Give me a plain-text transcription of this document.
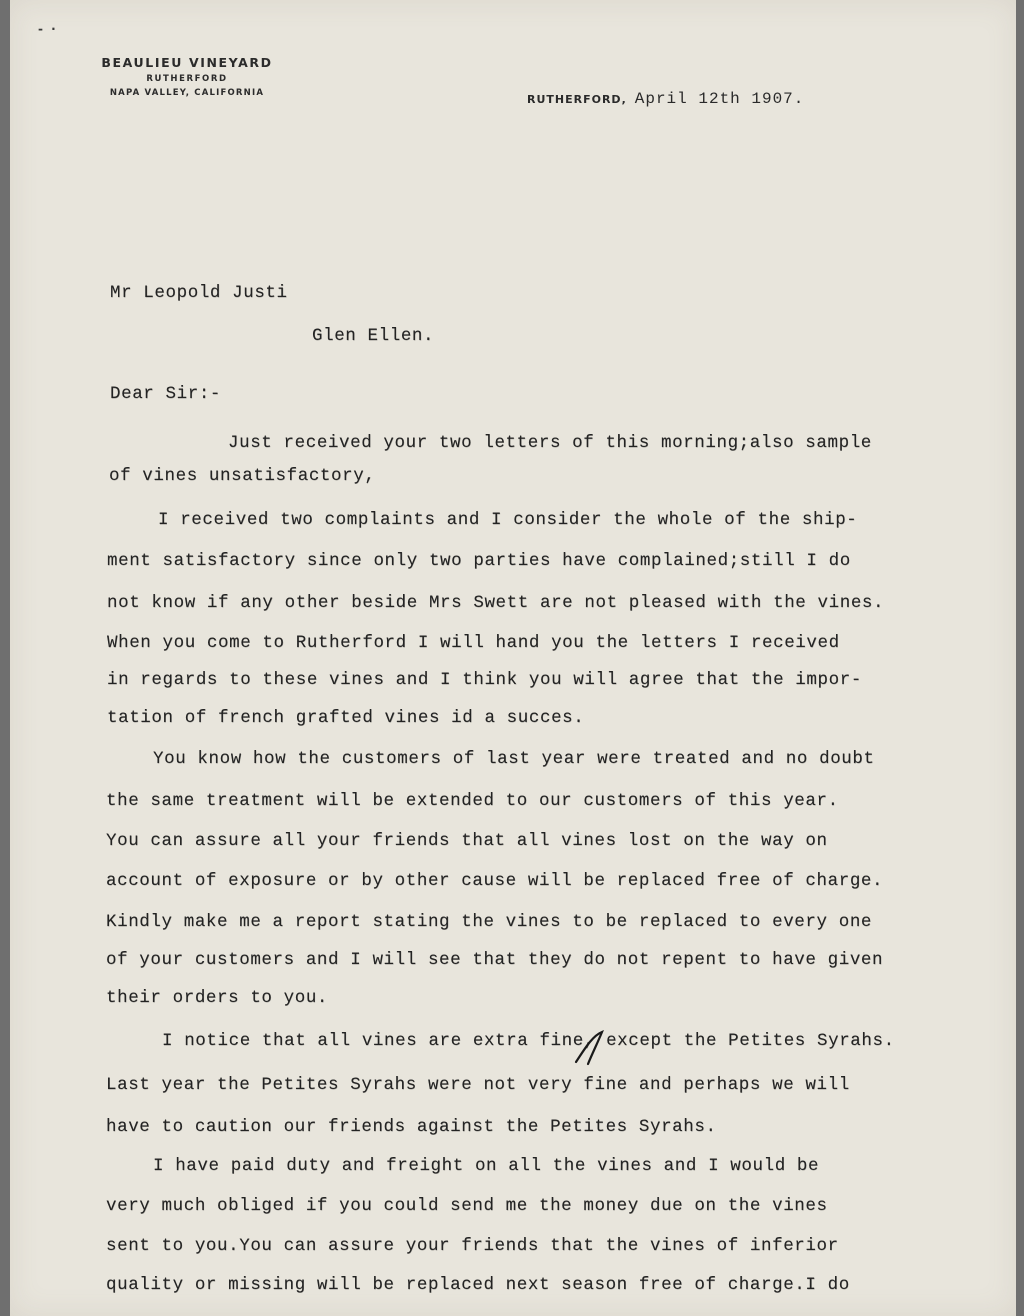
- ·
BEAULIEU VINEYARD
RUTHERFORD
NAPA VALLEY, CALIFORNIA	RUTHERFORD, April 12th 1907.
Mr Leopold Justi
Glen Ellen.
Dear Sir:-
Just received your two letters of this morning;also sample
of vines unsatisfactory,
I received two complaints and I consider the whole of the ship-
ment satisfactory since only two parties have complained;still I do
not know if any other beside Mrs Swett are not pleased with the vines.
When you come to Rutherford I will hand you the letters I received
in regards to these vines and I think you will agree that the impor-
tation of french grafted vines id a succes.
You know how the customers of last year were treated and no doubt
the same treatment will be extended to our customers of this year.
You can assure all your friends that all vines lost on the way on
account of exposure or by other cause will be replaced free of charge.
Kindly make me a report stating the vines to be replaced to every one
of your customers and I will see that they do not repent to have given
their orders to you.
I notice that all vines are extra fine, except the Petites Syrahs.
Last year the Petites Syrahs were not very fine and perhaps we will
have to caution our friends against the Petites Syrahs.
I have paid duty and freight on all the vines and I would be
very much obliged if you could send me the money due on the vines
sent to you.You can assure your friends that the vines of inferior
quality or missing will be replaced next season free of charge.I do
